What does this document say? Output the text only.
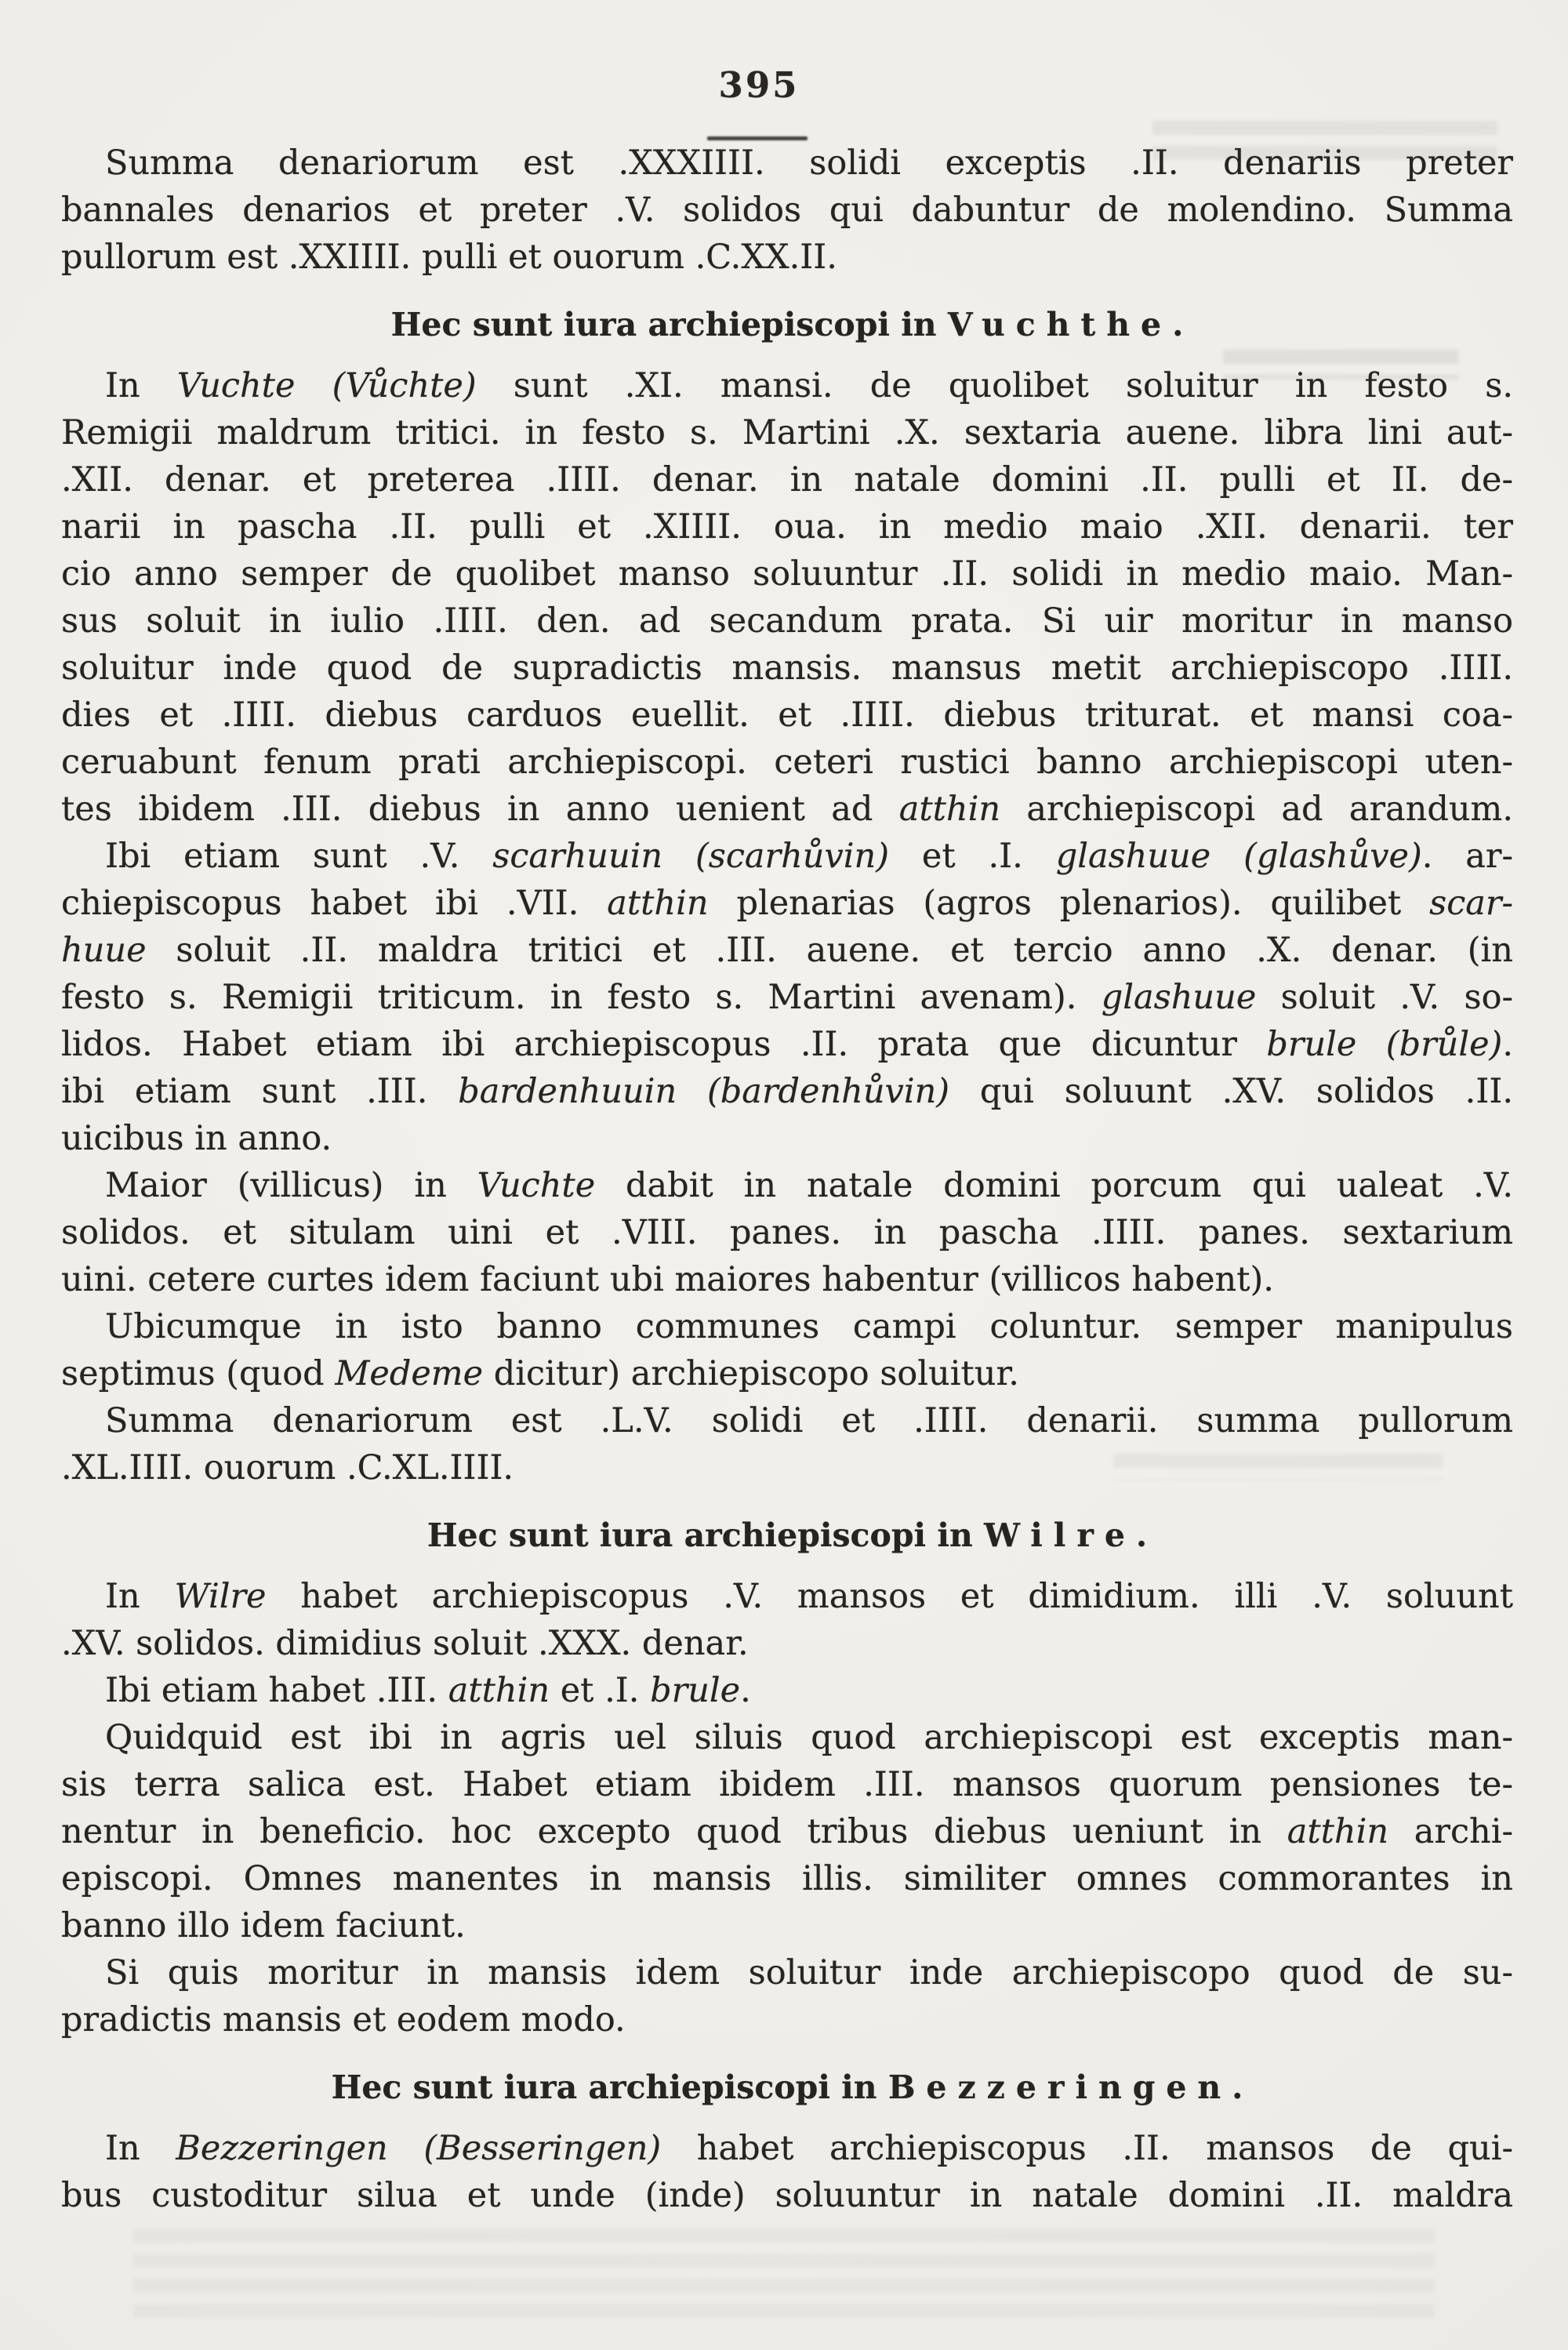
395
Summa denariorum est .XXXIIII. solidi exceptis .II. denariis preter
bannales denarios et preter .V. solidos qui dabuntur de molendino. Summa
pullorum est .XXIIII. pulli et ouorum .C.XX.II.
Hec sunt iura archiepiscopi in Vuchthe.
In Vuchte (Vůchte) sunt .XI. mansi. de quolibet soluitur in festo s.
Remigii maldrum tritici. in festo s. Martini .X. sextaria auene. libra lini aut-
.XII. denar. et preterea .IIII. denar. in natale domini .II. pulli et II. de-
narii in pascha .II. pulli et .XIIII. oua. in medio maio .XII. denarii. ter
cio anno semper de quolibet manso soluuntur .II. solidi in medio maio. Man-
sus soluit in iulio .IIII. den. ad secandum prata. Si uir moritur in manso
soluitur inde quod de supradictis mansis. mansus metit archiepiscopo .IIII.
dies et .IIII. diebus carduos euellit. et .IIII. diebus triturat. et mansi coa-
ceruabunt fenum prati archiepiscopi. ceteri rustici banno archiepiscopi uten-
tes ibidem .III. diebus in anno uenient ad atthin archiepiscopi ad arandum.
Ibi etiam sunt .V. scarhuuin (scarhůvin) et .I. glashuue (glashůve). ar-
chiepiscopus habet ibi .VII. atthin plenarias (agros plenarios). quilibet scar-
huue soluit .II. maldra tritici et .III. auene. et tercio anno .X. denar. (in
festo s. Remigii triticum. in festo s. Martini avenam). glashuue soluit .V. so-
lidos. Habet etiam ibi archiepiscopus .II. prata que dicuntur brule (brůle).
ibi etiam sunt .III. bardenhuuin (bardenhůvin) qui soluunt .XV. solidos .II.
uicibus in anno.
Maior (villicus) in Vuchte dabit in natale domini porcum qui ualeat .V.
solidos. et situlam uini et .VIII. panes. in pascha .IIII. panes. sextarium
uini. cetere curtes idem faciunt ubi maiores habentur (villicos habent).
Ubicumque in isto banno communes campi coluntur. semper manipulus
septimus (quod Medeme dicitur) archiepiscopo soluitur.
Summa denariorum est .L.V. solidi et .IIII. denarii. summa pullorum
.XL.IIII. ouorum .C.XL.IIII.
Hec sunt iura archiepiscopi in Wilre.
In Wilre habet archiepiscopus .V. mansos et dimidium. illi .V. soluunt
.XV. solidos. dimidius soluit .XXX. denar.
Ibi etiam habet .III. atthin et .I. brule.
Quidquid est ibi in agris uel siluis quod archiepiscopi est exceptis man-
sis terra salica est. Habet etiam ibidem .III. mansos quorum pensiones te-
nentur in beneficio. hoc excepto quod tribus diebus ueniunt in atthin archi-
episcopi. Omnes manentes in mansis illis. similiter omnes commorantes in
banno illo idem faciunt.
Si quis moritur in mansis idem soluitur inde archiepiscopo quod de su-
pradictis mansis et eodem modo.
Hec sunt iura archiepiscopi in Bezzeringen.
In Bezzeringen (Besseringen) habet archiepiscopus .II. mansos de qui-
bus custoditur silua et unde (inde) soluuntur in natale domini .II. maldra
